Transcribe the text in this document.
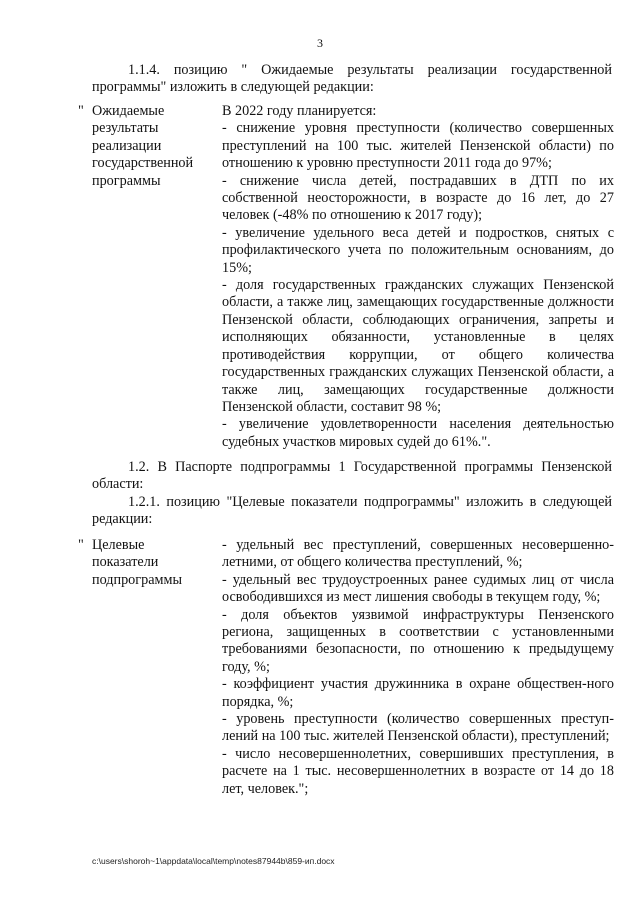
3

1.1.4. позицию " Ожидаемые результаты реализации государственной программы" изложить в следующей редакции:

" Ожидаемые
результаты
реализации
государственной
программы

В 2022 году планируется:

- снижение уровня преступности (количество совершенных преступлений на 100 тыс. жителей Пензенской области) по отношению к уровню преступности 2011 года до 97%;

- снижение числа детей, пострадавших в ДТП по их собственной неосторожности, в возрасте до 16 лет, до 27 человек (-48% по отношению к 2017 году);

- увеличение удельного веса детей и подростков, снятых с профилактического учета по положительным основаниям, до 15%;

- доля государственных гражданских служащих Пензенской области, а также лиц, замещающих государственные должности Пензенской области, соблюдающих ограничения, запреты и исполняющих обязанности, установленные в целях противодействия коррупции, от общего количества государственных гражданских служащих Пензенской области, а также лиц, замещающих государственные должности Пензенской области, составит 98 %;

- увеличение удовлетворенности населения деятельностью судебных участков мировых судей до 61%.".

1.2. В Паспорте подпрограммы 1 Государственной программы Пензенской области:

1.2.1. позицию "Целевые показатели подпрограммы" изложить в следующей редакции:

" Целевые
показатели
подпрограммы

- удельный вес преступлений, совершенных несовершенно-летними, от общего количества преступлений, %;

- удельный вес трудоустроенных ранее судимых лиц от числа освободившихся из мест лишения свободы в текущем году, %;

- доля объектов уязвимой инфраструктуры Пензенского региона, защищенных в соответствии с установленными требованиями безопасности, по отношению к предыдущему году, %;

- коэффициент участия дружинника в охране обществен-ного порядка, %;

- уровень преступности (количество совершенных преступ-лений на 100 тыс. жителей Пензенской области), преступлений;

- число несовершеннолетних, совершивших преступления, в расчете на 1 тыс. несовершеннолетних в возрасте от 14 до 18 лет, человек.";

c:\users\shoroh~1\appdata\local\temp\notes87944b\859-ип.docx
